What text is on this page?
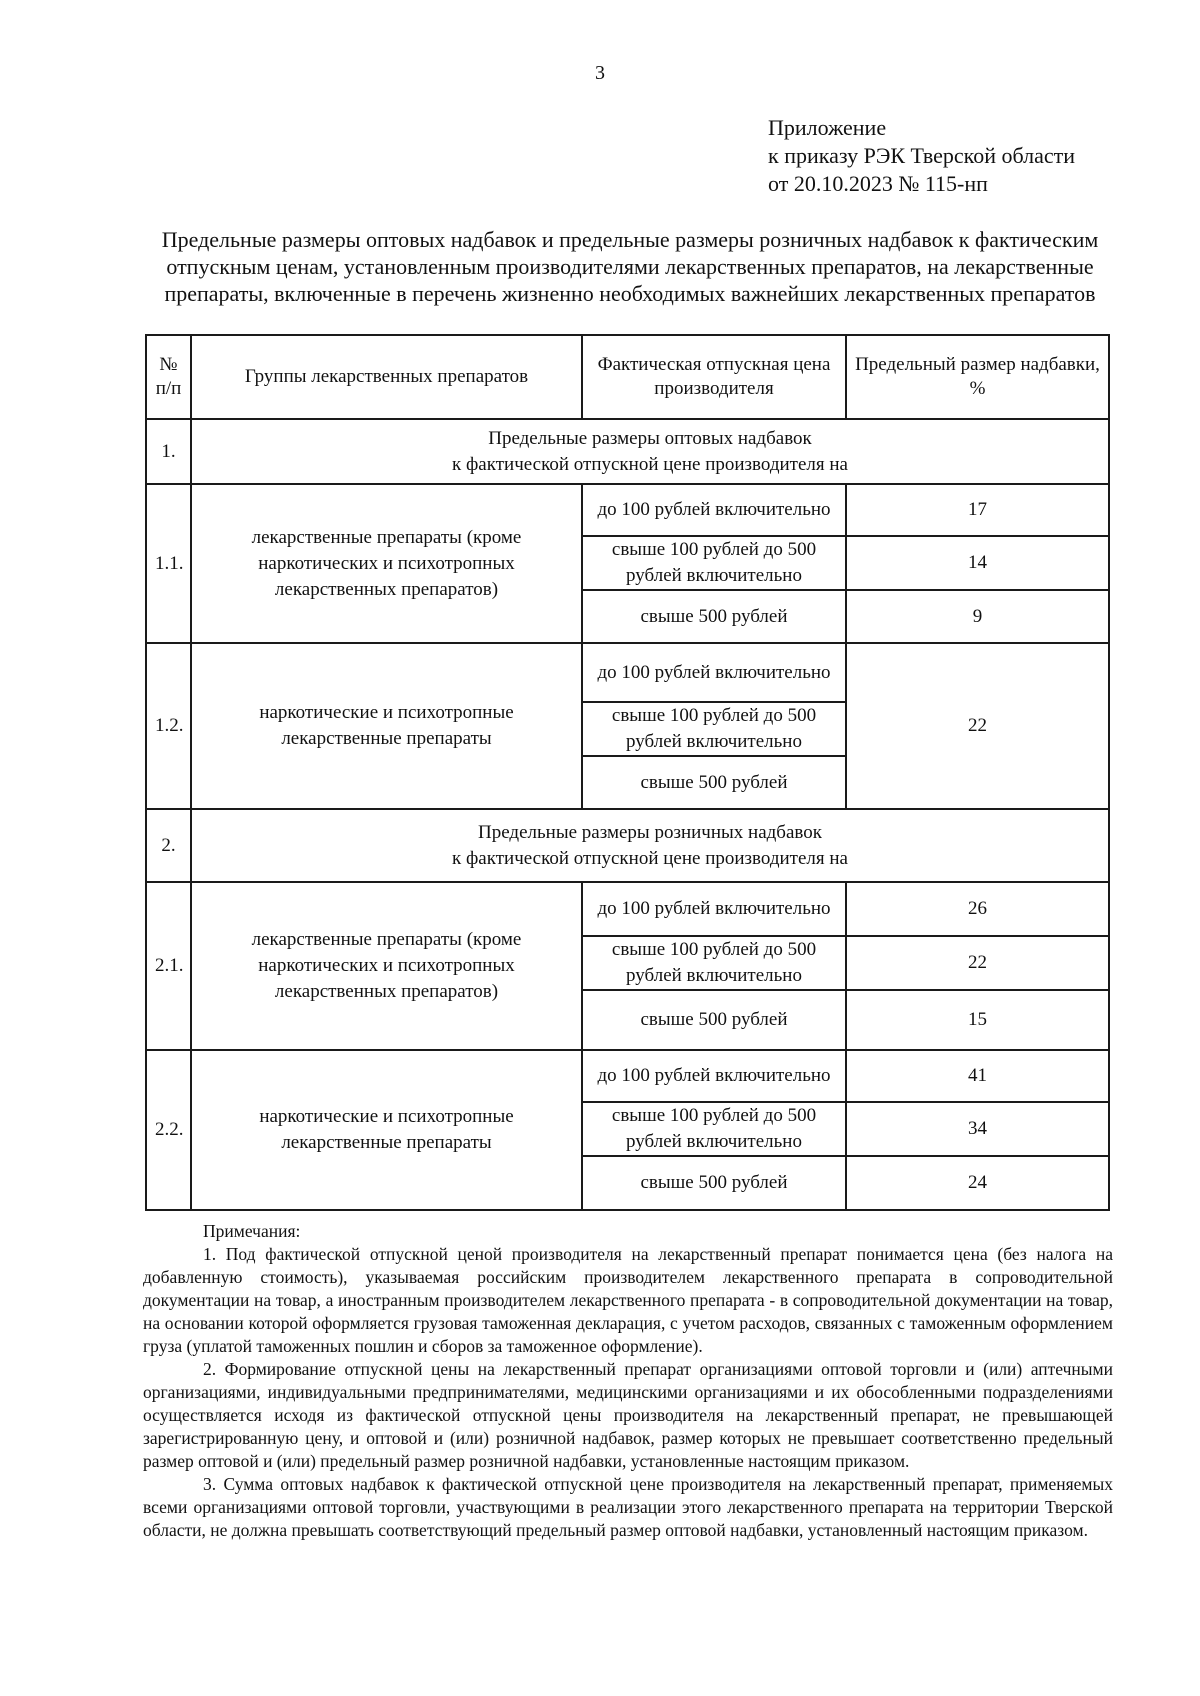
3
Приложение
к приказу РЭК Тверской области
от 20.10.2023 № 115-нп
Предельные размеры оптовых надбавок и предельные размеры розничных надбавок к фактическим отпускным ценам, установленным производителями лекарственных препаратов, на лекарственные препараты, включенные в перечень жизненно необходимых важнейших лекарственных препаратов
№ п/п	Группы лекарственных препаратов	Фактическая отпускная цена производителя	Предельный размер надбавки, %
1.	Предельные размеры оптовых надбавок
к фактической отпускной цене производителя на		

1.1.	лекарственные препараты (кроме наркотических и психотропных лекарственных препаратов)	до 100 рублей включительно	17
		свыше 100 рублей до 500 рублей включительно	14
		свыше 500 рублей	9
1.2.	наркотические и психотропные лекарственные препараты	до 100 рублей включительно	22
		свыше 100 рублей до 500 рублей включительно	
		свыше 500 рублей	
2.	Предельные размеры розничных надбавок
к фактической отпускной цене производителя на		

2.1.	лекарственные препараты (кроме наркотических и психотропных лекарственных препаратов)	до 100 рублей включительно	26
		свыше 100 рублей до 500 рублей включительно	22
		свыше 500 рублей	15
2.2.	наркотические и психотропные лекарственные препараты	до 100 рублей включительно	41
		свыше 100 рублей до 500 рублей включительно	34
		свыше 500 рублей	24

Примечания:

1. Под фактической отпускной ценой производителя на лекарственный препарат понимается цена (без налога на добавленную стоимость), указываемая российским производителем лекарственного препарата в сопроводительной документации на товар, а иностранным производителем лекарственного препарата - в сопроводительной документации на товар, на основании которой оформляется грузовая таможенная декларация, с учетом расходов, связанных с таможенным оформлением груза (уплатой таможенных пошлин и сборов за таможенное оформление).

2. Формирование отпускной цены на лекарственный препарат организациями оптовой торговли и (или) аптечными организациями, индивидуальными предпринимателями, медицинскими организациями и их обособленными подразделениями осуществляется исходя из фактической отпускной цены производителя на лекарственный препарат, не превышающей зарегистрированную цену, и оптовой и (или) розничной надбавок, размер которых не превышает соответственно предельный размер оптовой и (или) предельный размер розничной надбавки, установленные настоящим приказом.

3. Сумма оптовых надбавок к фактической отпускной цене производителя на лекарственный препарат, применяемых всеми организациями оптовой торговли, участвующими в реализации этого лекарственного препарата на территории Тверской области, не должна превышать соответствующий предельный размер оптовой надбавки, установленный настоящим приказом.
